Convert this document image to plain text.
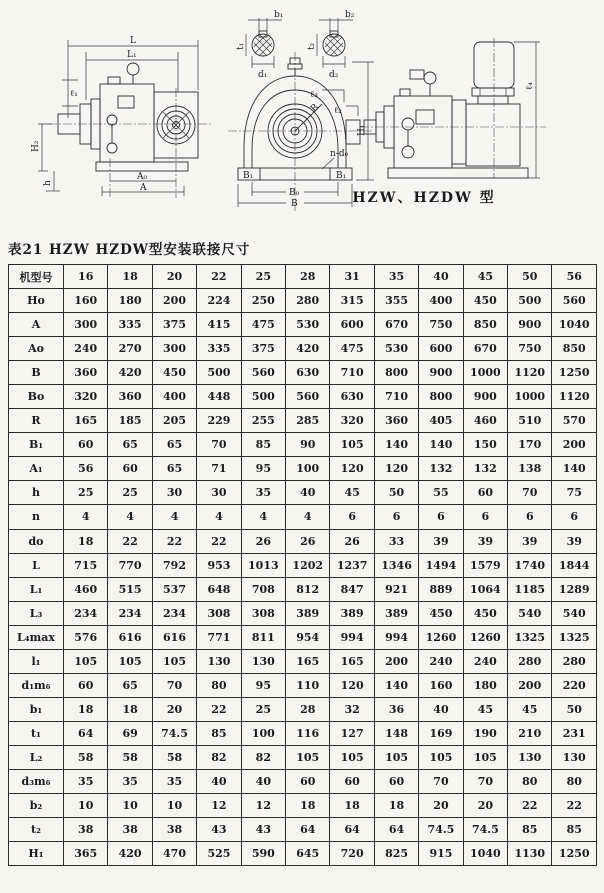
L
L₁
ℓ₁
H₂
h
A₀
A
b₁
t₁
d₁
b₂
t₂
d₂
R
ℓ₃
ℓ₂
H₁
n-d₀
B₁	B₁
B₀
B
ℓ₄
HZW、HZDW 型
表21 HZW HZDW型安装联接尺寸
机型号	16	18	20	22	25	28	31	35	40	45	50	56
Ho	160	180	200	224	250	280	315	355	400	450	500	560
A	300	335	375	415	475	530	600	670	750	850	900	1040
Ao	240	270	300	335	375	420	475	530	600	670	750	850
B	360	420	450	500	560	630	710	800	900	1000	1120	1250
Bo	320	360	400	448	500	560	630	710	800	900	1000	1120
R	165	185	205	229	255	285	320	360	405	460	510	570
B₁	60	65	65	70	85	90	105	140	140	150	170	200
A₁	56	60	65	71	95	100	120	120	132	132	138	140
h	25	25	30	30	35	40	45	50	55	60	70	75
n	4	4	4	4	4	4	6	6	6	6	6	6
do	18	22	22	22	26	26	26	33	39	39	39	39
L	715	770	792	953	1013	1202	1237	1346	1494	1579	1740	1844
L₁	460	515	537	648	708	812	847	921	889	1064	1185	1289
L₃	234	234	234	308	308	389	389	389	450	450	540	540
L₄max	576	616	616	771	811	954	994	994	1260	1260	1325	1325
l₁	105	105	105	130	130	165	165	200	240	240	280	280
d₁m₆	60	65	70	80	95	110	120	140	160	180	200	220
b₁	18	18	20	22	25	28	32	36	40	45	45	50
t₁	64	69	74.5	85	100	116	127	148	169	190	210	231
L₂	58	58	58	82	82	105	105	105	105	105	130	130
d₃m₆	35	35	35	40	40	60	60	60	70	70	80	80
b₂	10	10	10	12	12	18	18	18	20	20	22	22
t₂	38	38	38	43	43	64	64	64	74.5	74.5	85	85
H₁	365	420	470	525	590	645	720	825	915	1040	1130	1250
